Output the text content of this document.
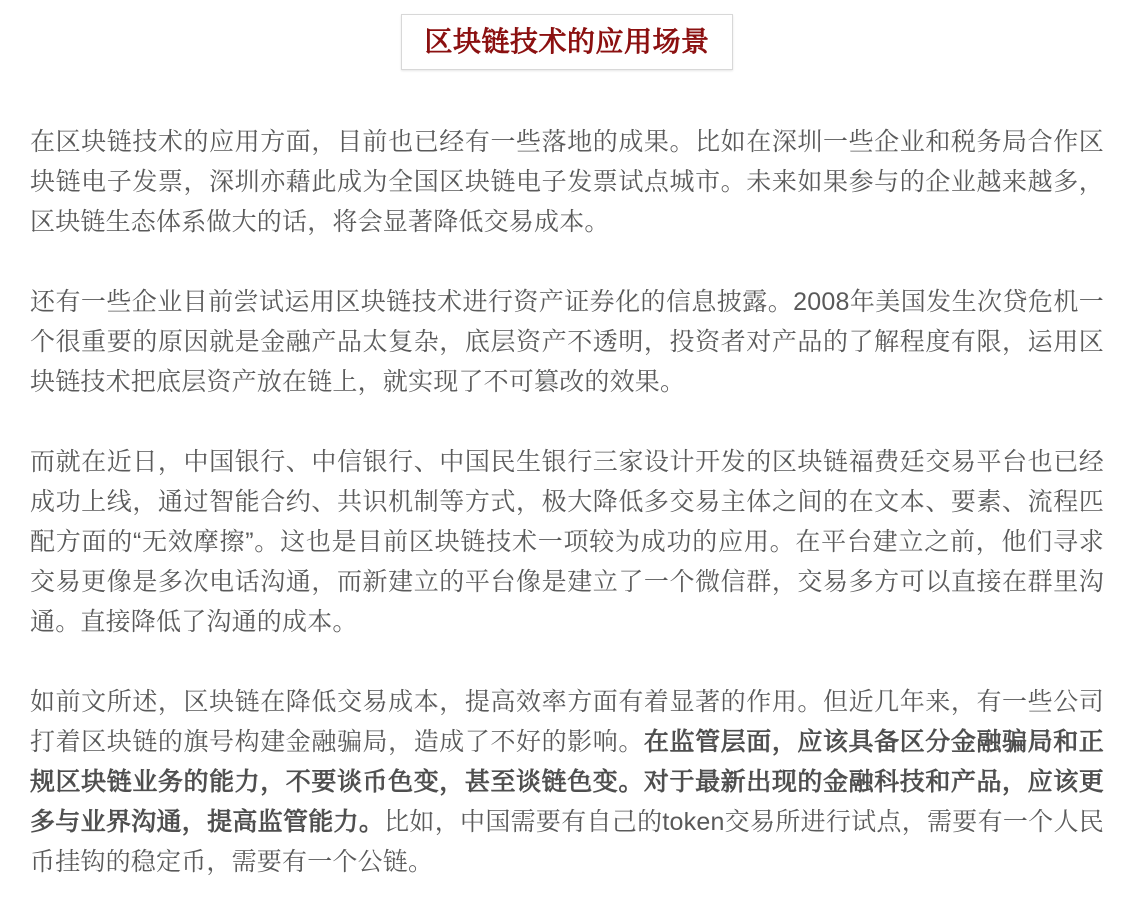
区块链技术的应用场景

在区块链技术的应用方面，目前也已经有一些落地的成果。比如在深圳一些企业和税务局合作区块链电子发票，深圳亦藉此成为全国区块链电子发票试点城市。未来如果参与的企业越来越多，区块链生态体系做大的话，将会显著降低交易成本。

还有一些企业目前尝试运用区块链技术进行资产证券化的信息披露。2008年美国发生次贷危机一个很重要的原因就是金融产品太复杂，底层资产不透明，投资者对产品的了解程度有限，运用区块链技术把底层资产放在链上，就实现了不可篡改的效果。

而就在近日，中国银行、中信银行、中国民生银行三家设计开发的区块链福费廷交易平台也已经成功上线，通过智能合约、共识机制等方式，极大降低多交易主体之间的在文本、要素、流程匹配方面的“无效摩擦”。这也是目前区块链技术一项较为成功的应用。在平台建立之前，他们寻求交易更像是多次电话沟通，而新建立的平台像是建立了一个微信群，交易多方可以直接在群里沟通。直接降低了沟通的成本。

如前文所述，区块链在降低交易成本，提高效率方面有着显著的作用。但近几年来，有一些公司打着区块链的旗号构建金融骗局，造成了不好的影响。在监管层面，应该具备区分金融骗局和正规区块链业务的能力，不要谈币色变，甚至谈链色变。对于最新出现的金融科技和产品，应该更多与业界沟通，提高监管能力。比如，中国需要有自己的token交易所进行试点，需要有一个人民币挂钩的稳定币，需要有一个公链。
